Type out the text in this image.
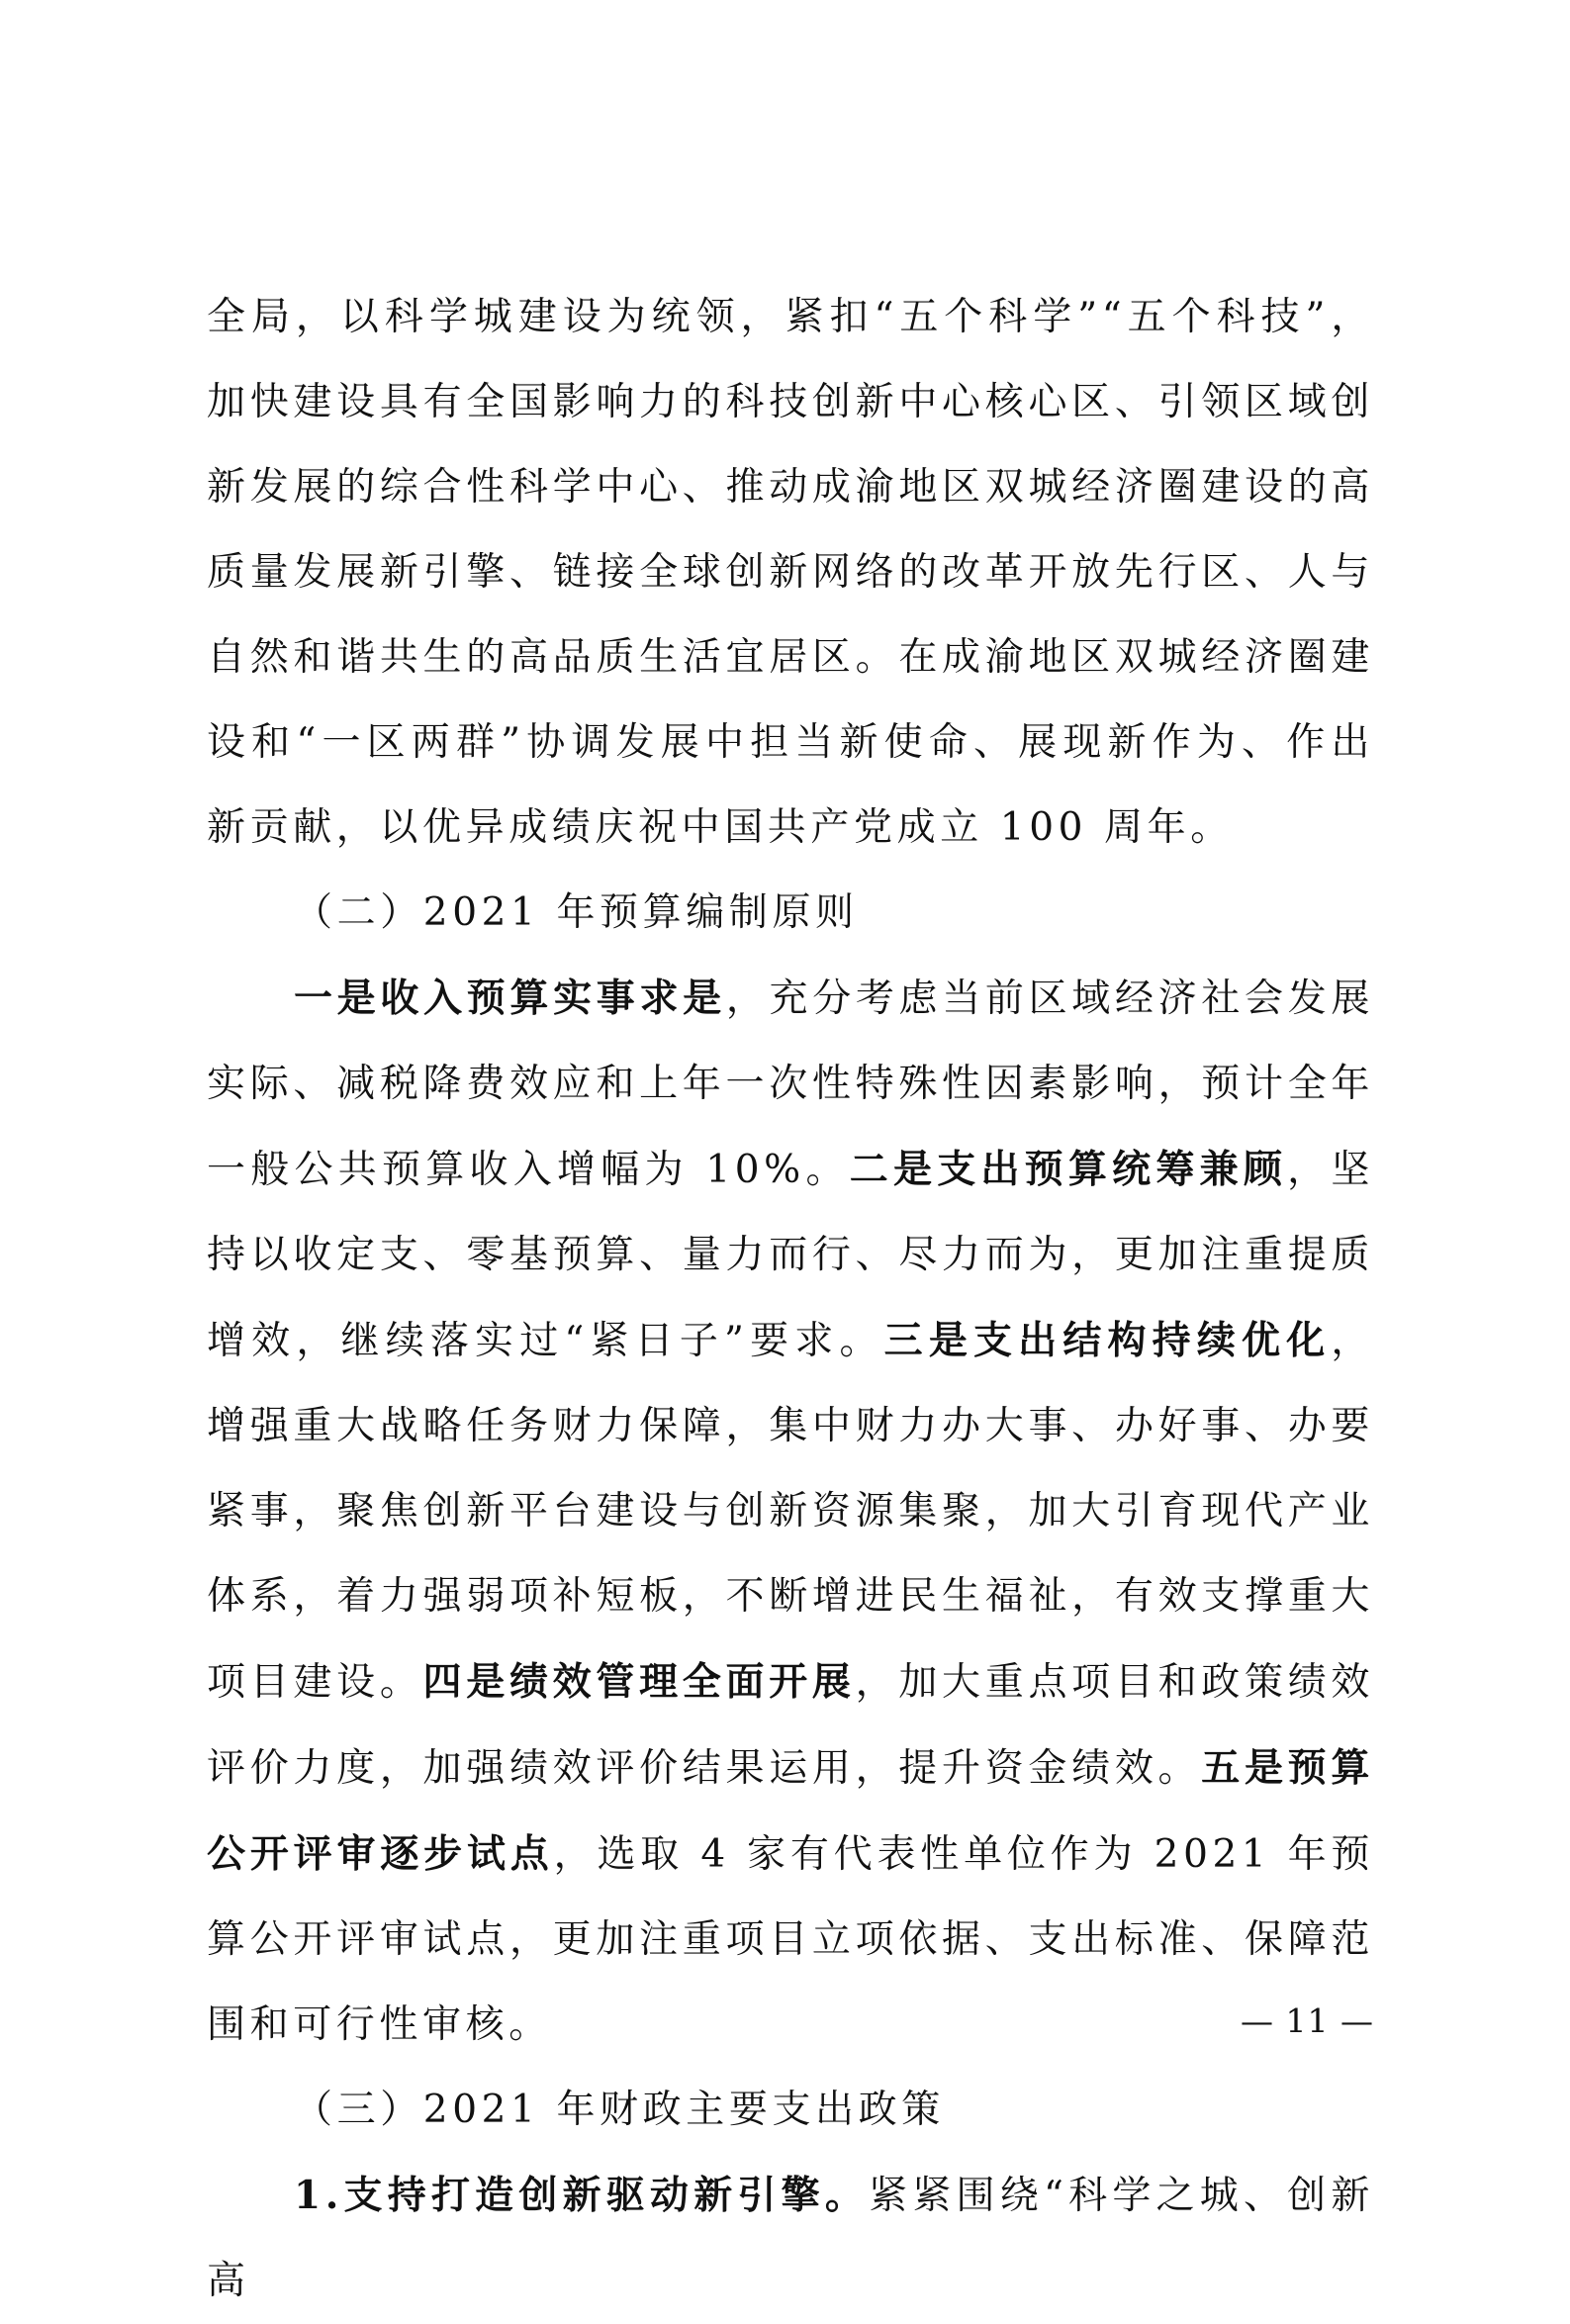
全局，以科学城建设为统领，紧扣“五个科学”“五个科技”，加快建设具有全国影响力的科技创新中心核心区、引领区域创新发展的综合性科学中心、推动成渝地区双城经济圈建设的高质量发展新引擎、链接全球创新网络的改革开放先行区、人与自然和谐共生的高品质生活宜居区。在成渝地区双城经济圈建设和“一区两群”协调发展中担当新使命、展现新作为、作出新贡献，以优异成绩庆祝中国共产党成立 100 周年。

（二）2021 年预算编制原则

一是收入预算实事求是，充分考虑当前区域经济社会发展实际、减税降费效应和上年一次性特殊性因素影响，预计全年一般公共预算收入增幅为 10%。二是支出预算统筹兼顾，坚持以收定支、零基预算、量力而行、尽力而为，更加注重提质增效，继续落实过“紧日子”要求。三是支出结构持续优化，增强重大战略任务财力保障，集中财力办大事、办好事、办要紧事，聚焦创新平台建设与创新资源集聚，加大引育现代产业体系，着力强弱项补短板，不断增进民生福祉，有效支撑重大项目建设。四是绩效管理全面开展，加大重点项目和政策绩效评价力度，加强绩效评价结果运用，提升资金绩效。五是预算公开评审逐步试点，选取 4 家有代表性单位作为 2021 年预算公开评审试点，更加注重项目立项依据、支出标准、保障范围和可行性审核。

（三）2021 年财政主要支出政策

1.支持打造创新驱动新引擎。紧紧围绕“科学之城、创新高

— 11 —
